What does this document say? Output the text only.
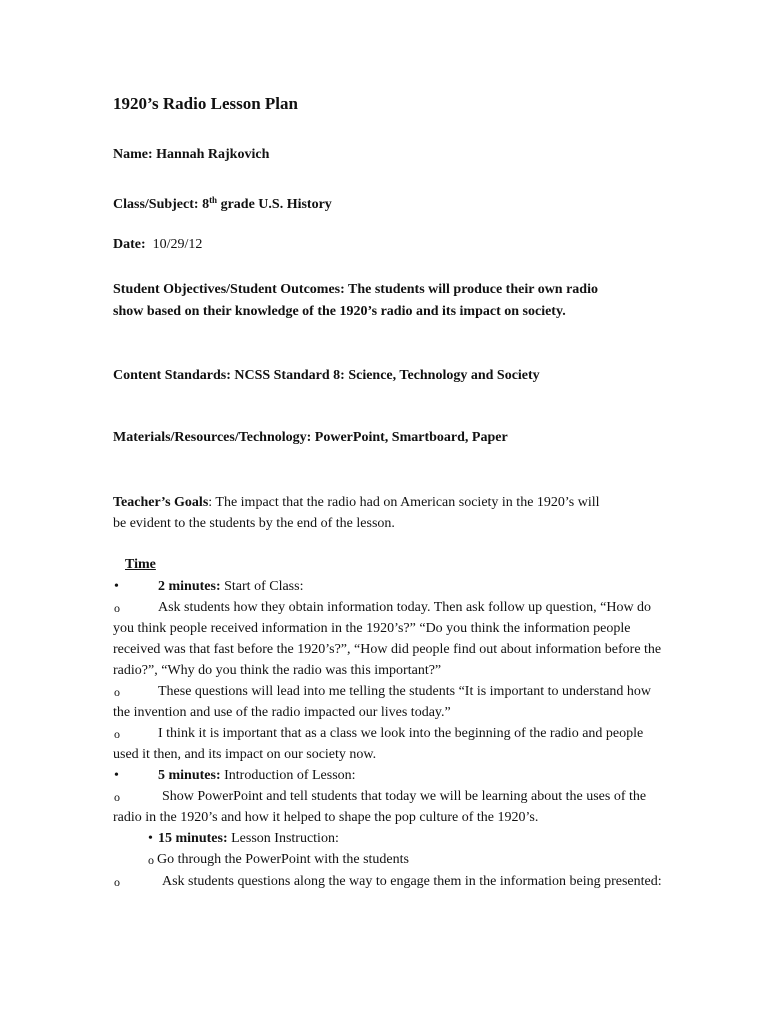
1920’s Radio Lesson Plan
Name: Hannah Rajkovich
Class/Subject: 8th grade U.S. History
Date: 10/29/12
Student Objectives/Student Outcomes: The students will produce their own radio
show based on their knowledge of the 1920’s radio and its impact on society.
Content Standards: NCSS Standard 8: Science, Technology and Society
Materials/Resources/Technology: PowerPoint, Smartboard, Paper
Teacher’s Goals: The impact that the radio had on American society in the 1920’s will
be evident to the students by the end of the lesson.
Time
•	2 minutes: Start of Class:
o	Ask students how they obtain information today. Then ask follow up question, “How do
you think people received information in the 1920’s?” “Do you think the information people
received was that fast before the 1920’s?”, “How did people find out about information before the
radio?”, “Why do you think the radio was this important?”
o	These questions will lead into me telling the students “It is important to understand how
the invention and use of the radio impacted our lives today.”
o	I think it is important that as a class we look into the beginning of the radio and people
used it then, and its impact on our society now.
•	5 minutes: Introduction of Lesson:
o	Show PowerPoint and tell students that today we will be learning about the uses of the
radio in the 1920’s and how it helped to shape the pop culture of the 1920’s.
• 15 minutes: Lesson Instruction:
o Go through the PowerPoint with the students
o	Ask students questions along the way to engage them in the information being presented:
